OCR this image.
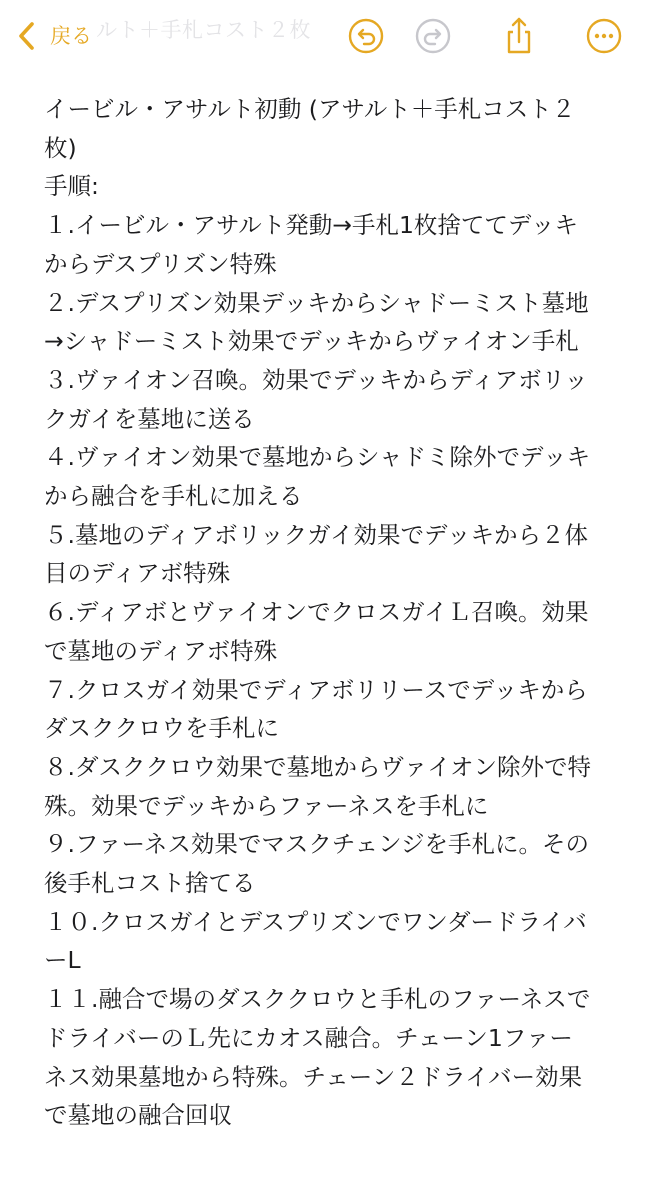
ルト＋手札コスト２枚
戻る
イービル・アサルト初動 (アサルト＋手札コスト２
枚)
手順:
１.イービル・アサルト発動→手札1枚捨ててデッキ
からデスプリズン特殊
２.デスプリズン効果デッキからシャドーミスト墓地
→シャドーミスト効果でデッキからヴァイオン手札
３.ヴァイオン召喚。効果でデッキからディアボリッ
クガイを墓地に送る
４.ヴァイオン効果で墓地からシャドミ除外でデッキ
から融合を手札に加える
５.墓地のディアボリックガイ効果でデッキから２体
目のディアボ特殊
６.ディアボとヴァイオンでクロスガイＬ召喚。効果
で墓地のディアボ特殊
７.クロスガイ効果でディアボリリースでデッキから
ダスククロウを手札に
８.ダスククロウ効果で墓地からヴァイオン除外で特
殊。効果でデッキからファーネスを手札に
９.ファーネス効果でマスクチェンジを手札に。その
後手札コスト捨てる
１０.クロスガイとデスプリズンでワンダードライバ
ーL
１１.融合で場のダスククロウと手札のファーネスで
ドライバーのＬ先にカオス融合。チェーン1ファー
ネス効果墓地から特殊。チェーン２ドライバー効果
で墓地の融合回収
